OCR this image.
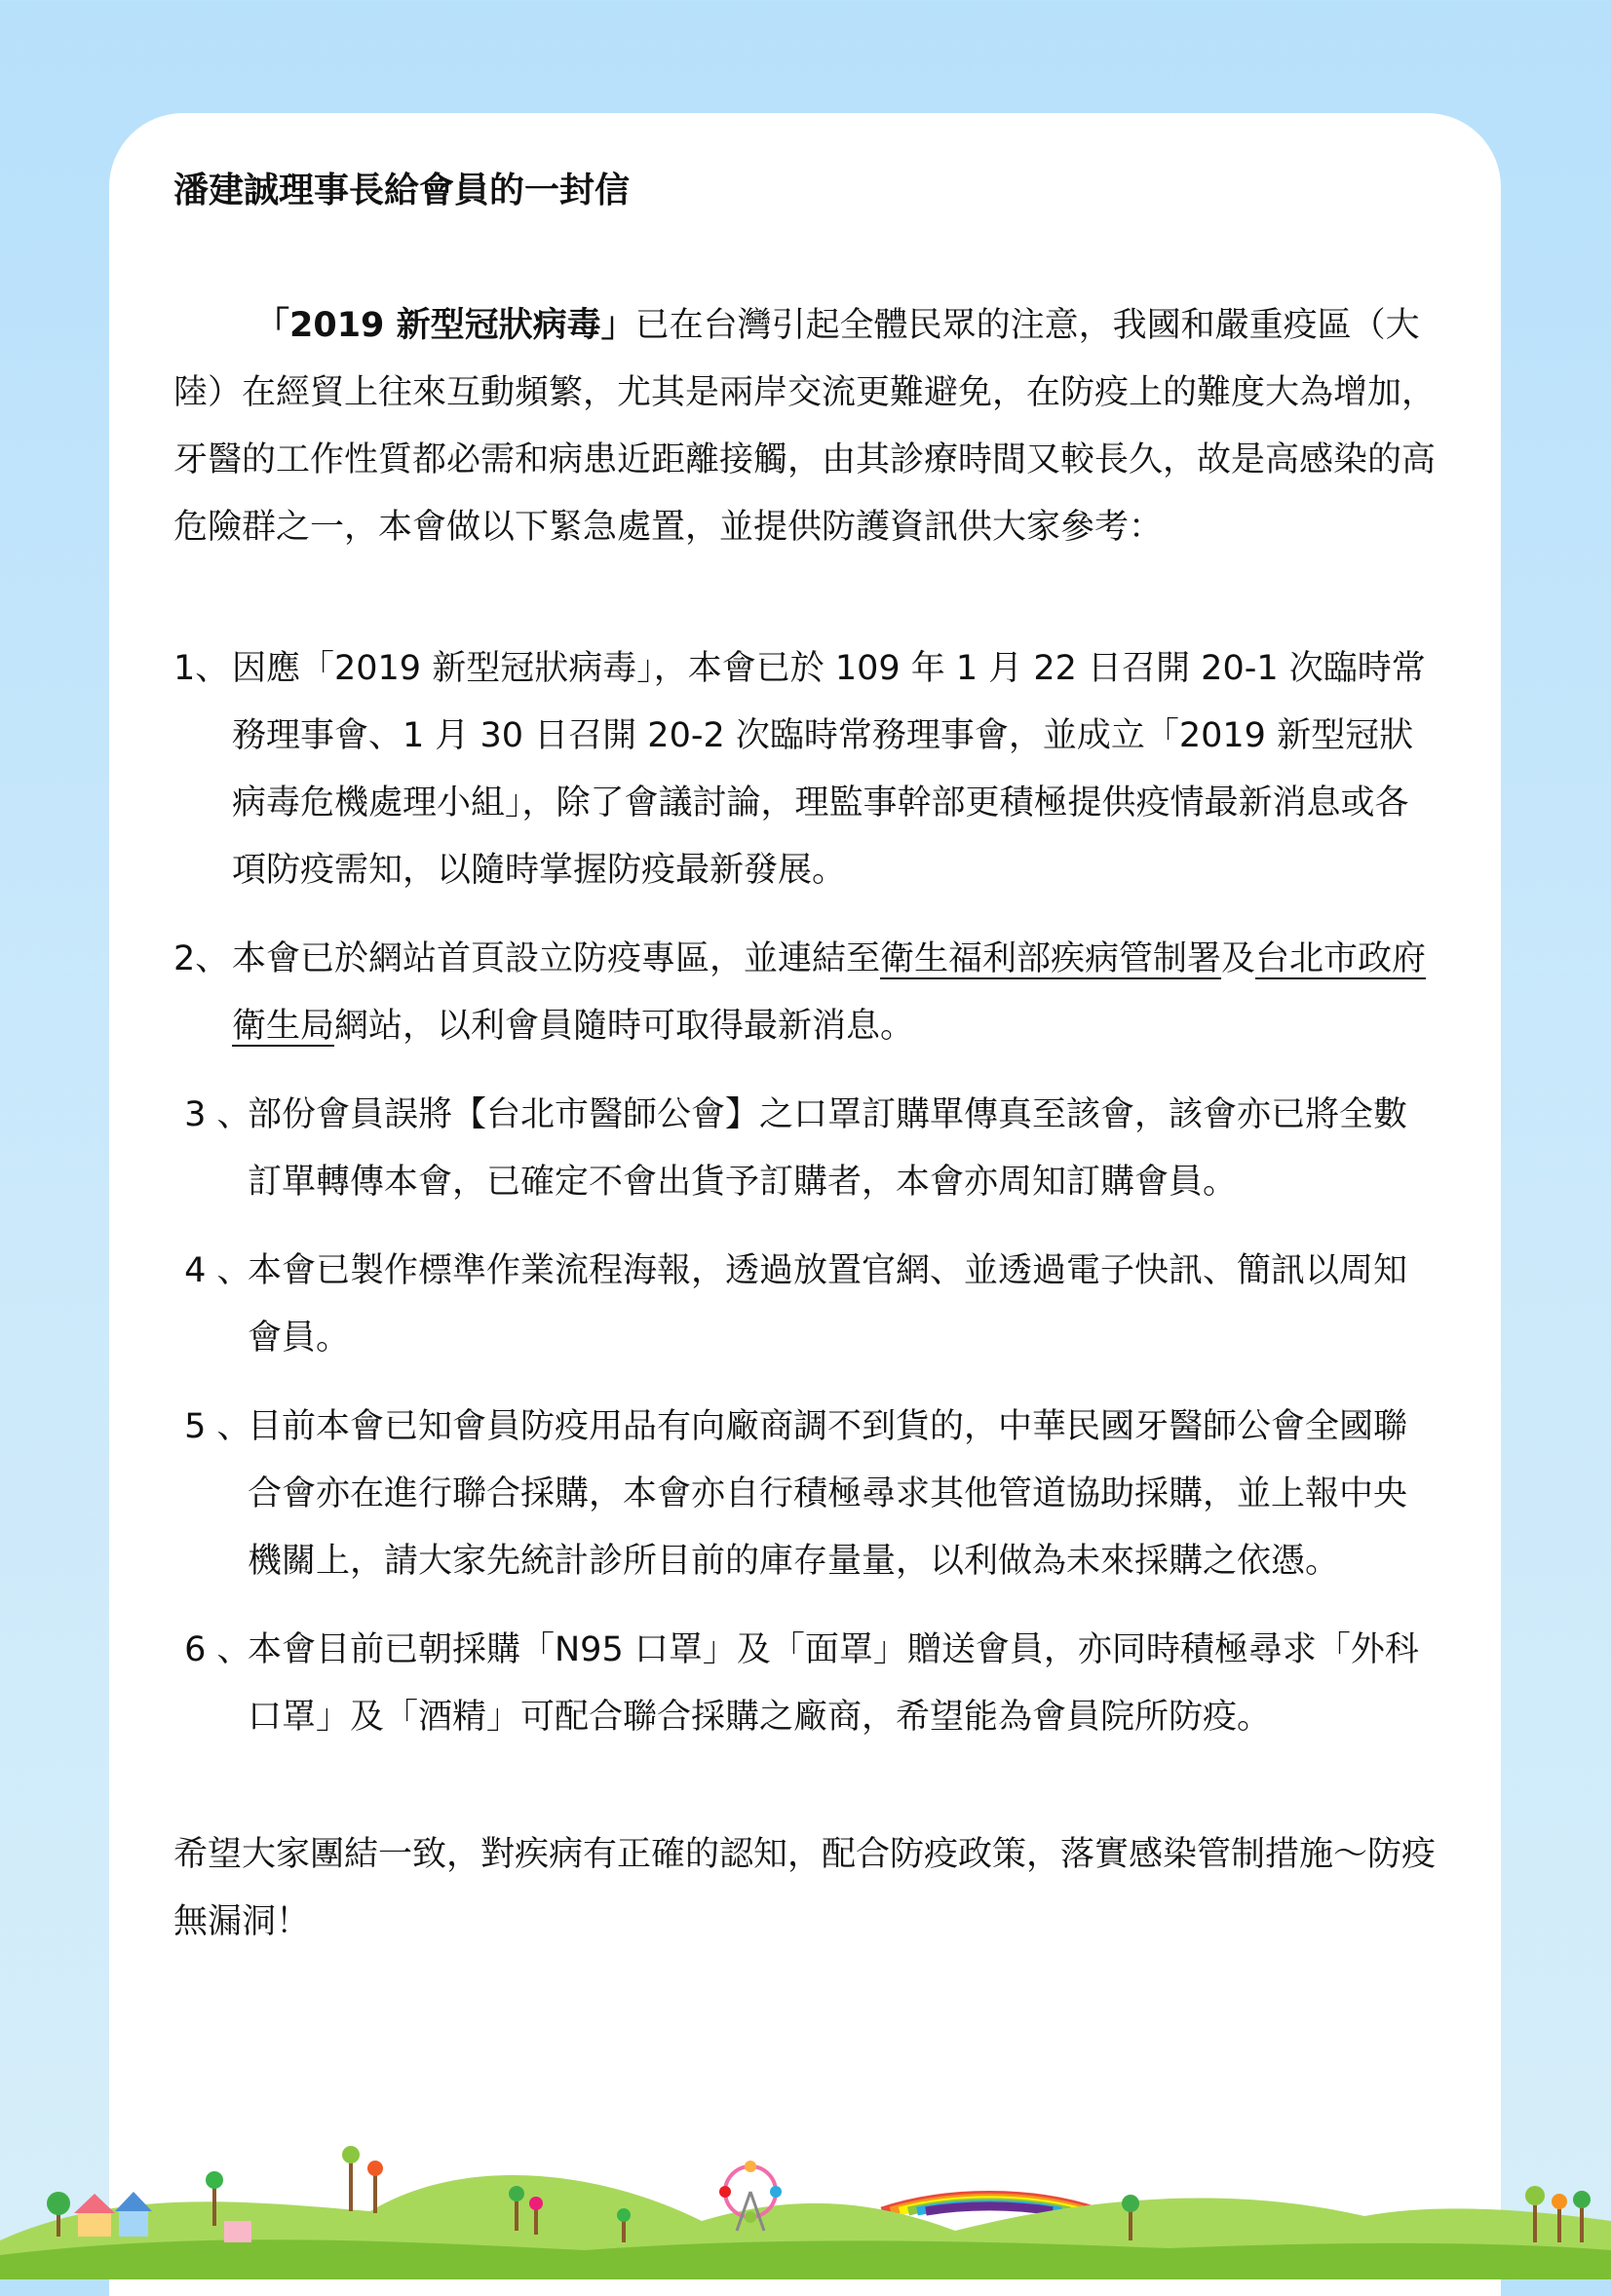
潘建誠理事長給會員的一封信

「2019 新型冠狀病毒」已在台灣引起全體民眾的注意，我國和嚴重疫區（大陸）在經貿上往來互動頻繁，尤其是兩岸交流更難避免，在防疫上的難度大為增加，牙醫的工作性質都必需和病患近距離接觸，由其診療時間又較長久，故是高感染的高危險群之一，本會做以下緊急處置，並提供防護資訊供大家參考：

1、 因應「2019 新型冠狀病毒」，本會已於 109 年 1 月 22 日召開 20-1 次臨時常務理事會、1 月 30 日召開 20-2 次臨時常務理事會，並成立「2019 新型冠狀病毒危機處理小組」，除了會議討論，理監事幹部更積極提供疫情最新消息或各項防疫需知，以隨時掌握防疫最新發展。
2、 本會已於網站首頁設立防疫專區，並連結至衛生福利部疾病管制署及台北市政府衛生局網站，以利會員隨時可取得最新消息。
3 、
部份會員誤將【台北市醫師公會】之口罩訂購單傳真至該會，該會亦已將全數訂單轉傳本會，已確定不會出貨予訂購者，本會亦周知訂購會員。
4 、
本會已製作標準作業流程海報，透過放置官網、並透過電子快訊、簡訊以周知會員。
5 、
目前本會已知會員防疫用品有向廠商調不到貨的，中華民國牙醫師公會全國聯合會亦在進行聯合採購，本會亦自行積極尋求其他管道協助採購，並上報中央機關上，請大家先統計診所目前的庫存量量，以利做為未來採購之依憑。
6 、
本會目前已朝採購「N95 口罩」及「面罩」贈送會員，亦同時積極尋求「外科口罩」及「酒精」可配合聯合採購之廠商，希望能為會員院所防疫。

希望大家團結一致，對疾病有正確的認知，配合防疫政策，落實感染管制措施～防疫無漏洞！
